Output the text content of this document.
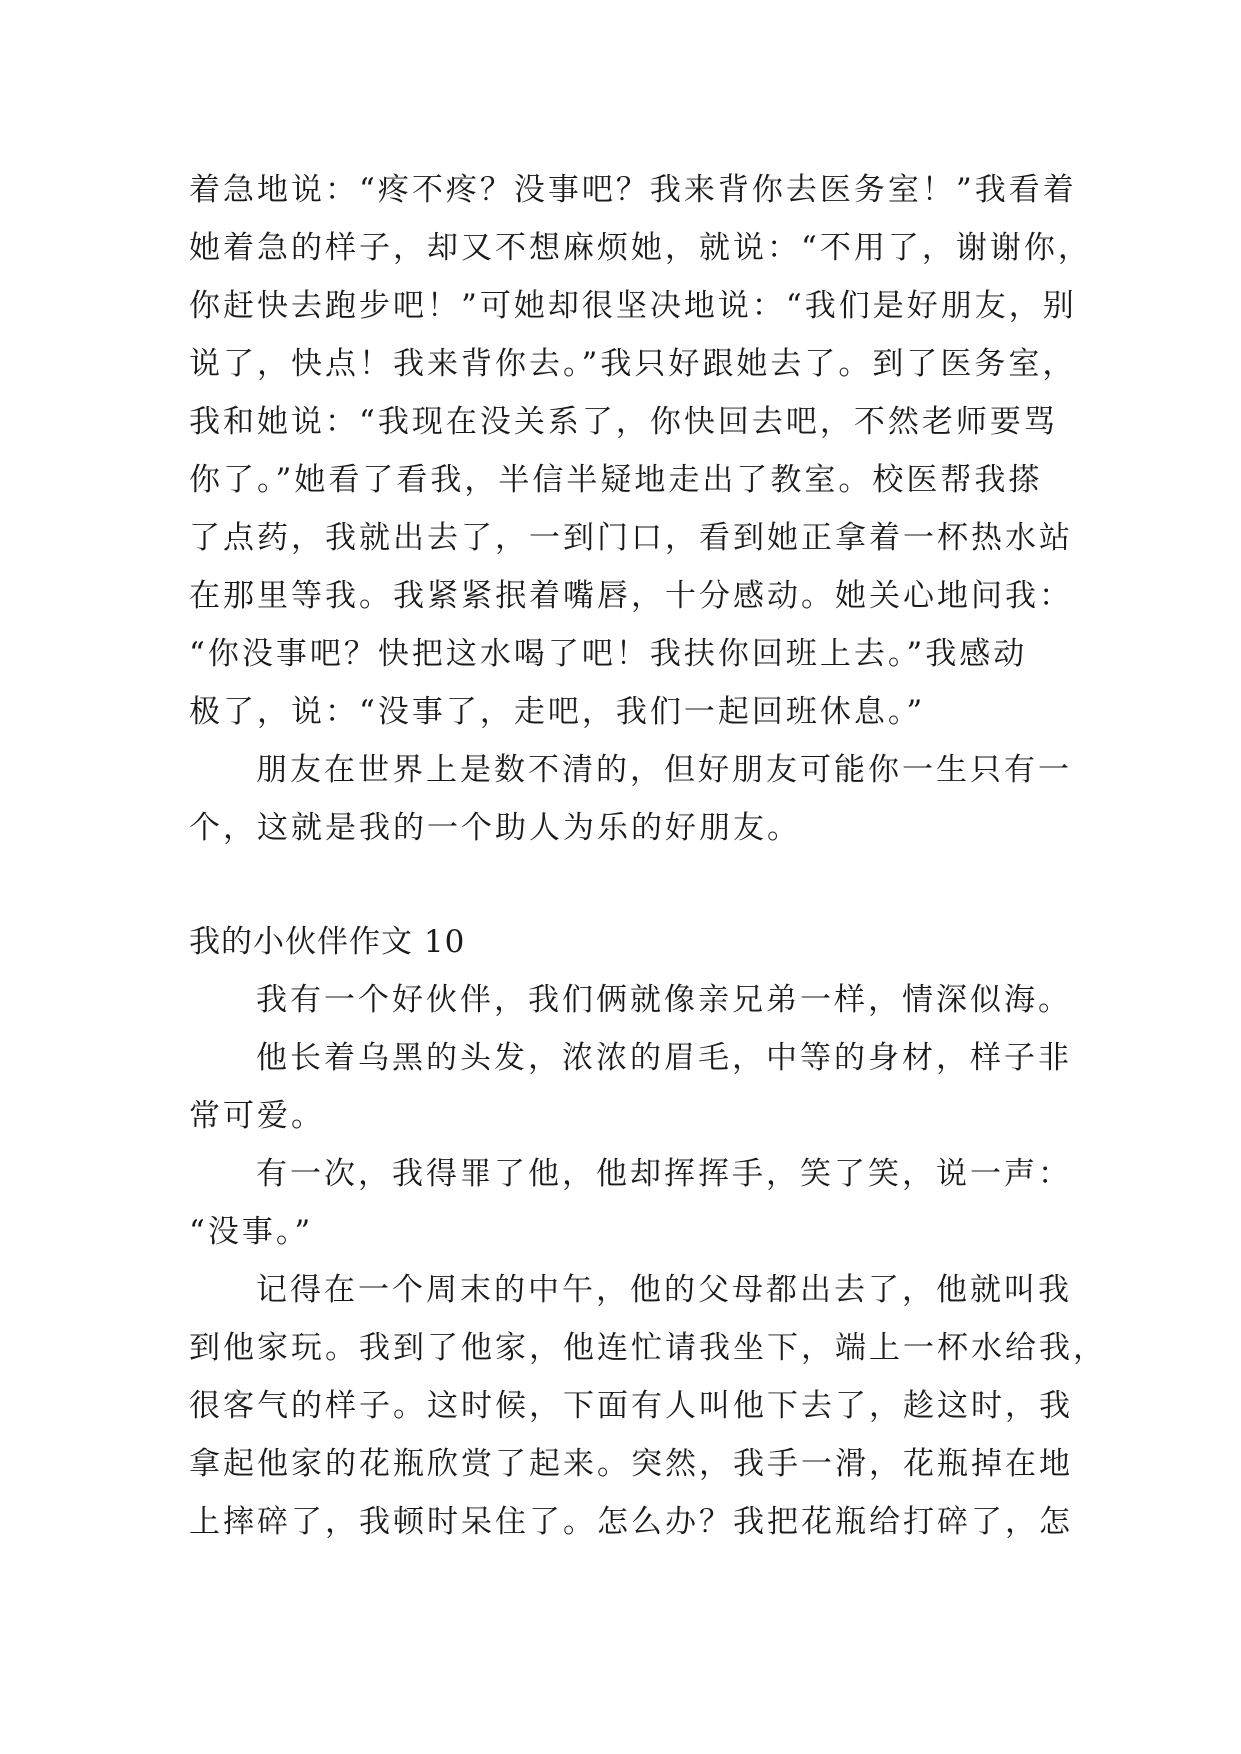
着急地说：“疼不疼？没事吧？我来背你去医务室！”我看着
她着急的样子，却又不想麻烦她，就说：“不用了，谢谢你，
你赶快去跑步吧！”可她却很坚决地说：“我们是好朋友，别
说了，快点！我来背你去。”我只好跟她去了。到了医务室，
我和她说：“我现在没关系了，你快回去吧，不然老师要骂
你了。”她看了看我，半信半疑地走出了教室。校医帮我搽
了点药，我就出去了，一到门口，看到她正拿着一杯热水站
在那里等我。我紧紧抿着嘴唇，十分感动。她关心地问我：
“你没事吧？快把这水喝了吧！我扶你回班上去。”我感动
极了，说：“没事了，走吧，我们一起回班休息。”
朋友在世界上是数不清的，但好朋友可能你一生只有一
个，这就是我的一个助人为乐的好朋友。
我的小伙伴作文 10
我有一个好伙伴，我们俩就像亲兄弟一样，情深似海。
他长着乌黑的头发，浓浓的眉毛，中等的身材，样子非
常可爱。
有一次，我得罪了他，他却挥挥手，笑了笑，说一声：
“没事。”
记得在一个周末的中午，他的父母都出去了，他就叫我
到他家玩。我到了他家，他连忙请我坐下，端上一杯水给我，
很客气的样子。这时候，下面有人叫他下去了，趁这时，我
拿起他家的花瓶欣赏了起来。突然，我手一滑，花瓶掉在地
上摔碎了，我顿时呆住了。怎么办？我把花瓶给打碎了，怎
